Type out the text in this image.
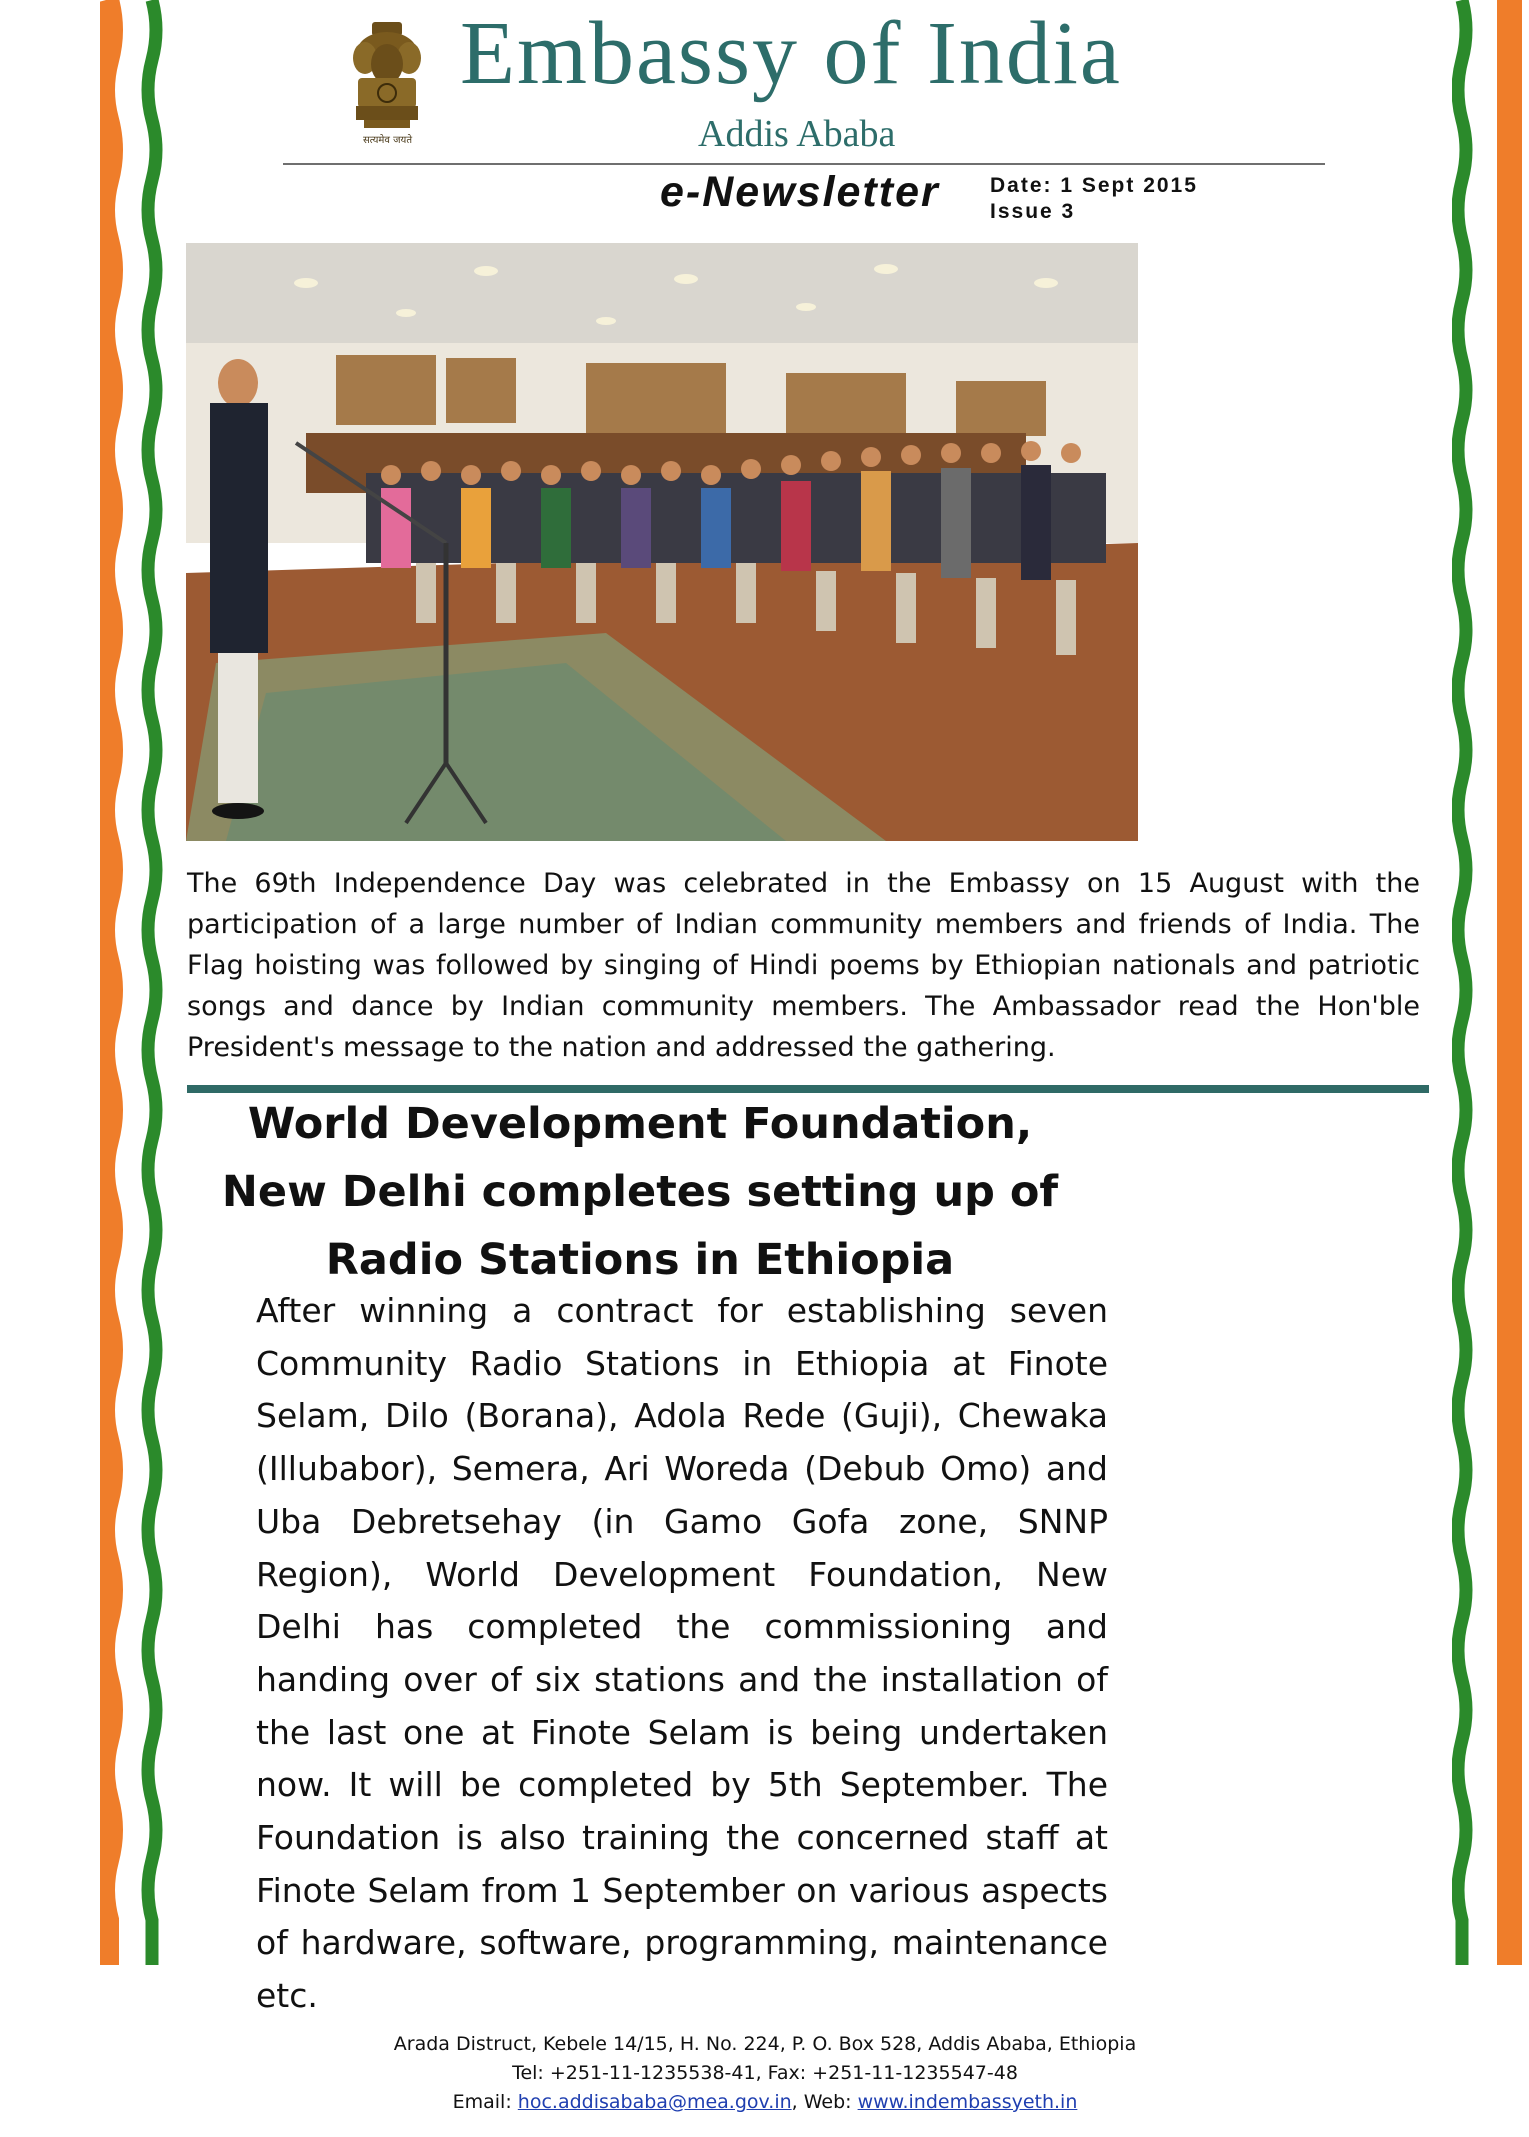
सत्यमेव जयते
Embassy of India
Addis Ababa
e-Newsletter Date: 1 Sept 2015
Issue 3
The 69th Independence Day was celebrated in the Embassy on 15 August with the participation of a large number of Indian community members and friends of India. The Flag hoisting was followed by singing of Hindi poems by Ethiopian nationals and patriotic songs and dance by Indian community members. The Ambassador read the Hon'ble President's message to the nation and addressed the gathering.
World Development Foundation,
New Delhi completes setting up of
Radio Stations in Ethiopia
After winning a contract for establishing seven Community Radio Stations in Ethiopia at Finote Selam, Dilo (Borana), Adola Rede (Guji), Chewaka (Illubabor), Semera, Ari Woreda (Debub Omo) and Uba Debretsehay (in Gamo Gofa zone, SNNP Region), World Development Foundation, New Delhi has completed the commissioning and handing over of six stations and the installation of the last one at Finote Selam is being undertaken now. It will be completed by 5th September. The Foundation is also training the concerned staff at Finote Selam from 1 September on various aspects of hardware, software, programming, maintenance etc.
Arada Distruct, Kebele 14/15, H. No. 224, P. O. Box 528, Addis Ababa, Ethiopia
Tel: +251-11-1235538-41, Fax: +251-11-1235547-48
Email: hoc.addisababa@mea.gov.in, Web: www.indembassyeth.in
